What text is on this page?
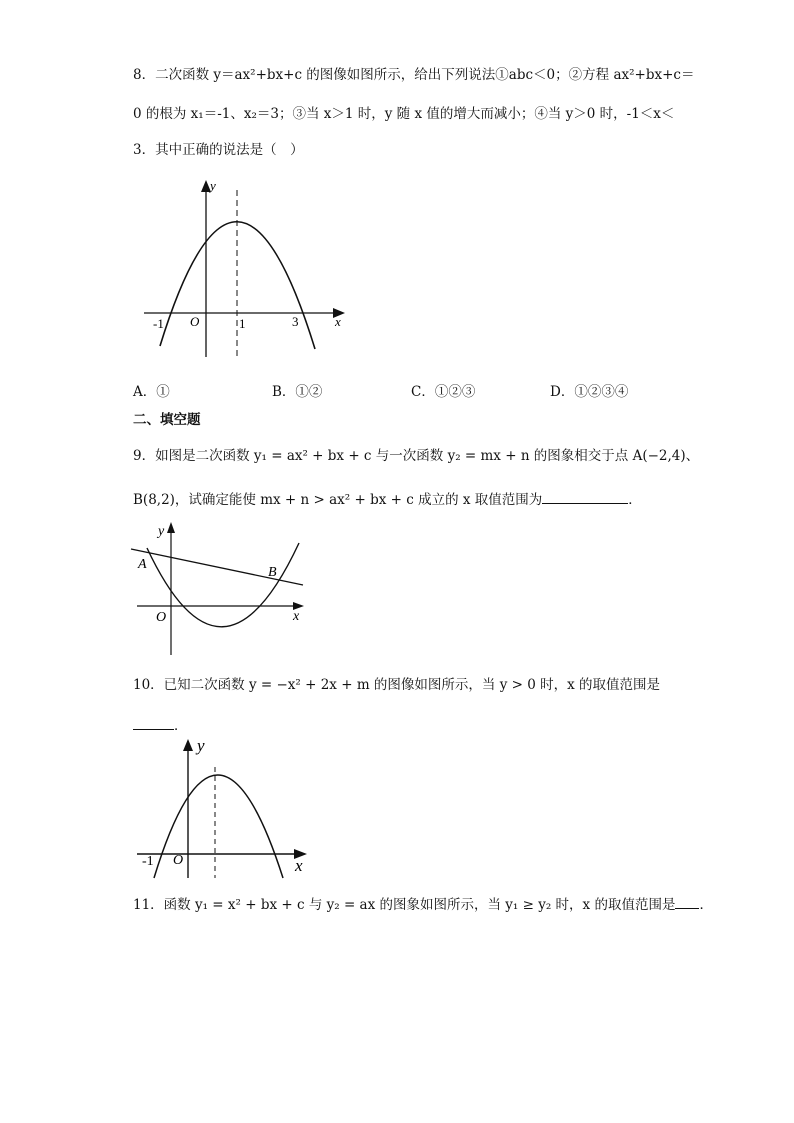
8．二次函数 y＝ax²+bx+c 的图像如图所示，给出下列说法①abc＜0；②方程 ax²+bx+c＝
0 的根为 x₁＝-1、x₂＝3；③当 x＞1 时，y 随 x 值的增大而减小；④当 y＞0 时，-1＜x＜
3．其中正确的说法是（　）
y
x
O
-1	1	3
A．①	B．①②	C．①②③	D．①②③④
二、填空题
9．如图是二次函数 y₁ = ax² + bx + c 与一次函数 y₂ = mx + n 的图象相交于点 A(−2,4)、
B(8,2)，试确定能使 mx + n > ax² + bx + c 成立的 x 取值范围为	．
y
x
O
A
B
10．已知二次函数 y = −x² + 2x + m 的图像如图所示，当 y > 0 时，x 的取值范围是
．
y
x
O
-1
11．函数 y₁ = x² + bx + c 与 y₂ = ax 的图象如图所示，当 y₁ ≥ y₂ 时，x 的取值范围是 ．
